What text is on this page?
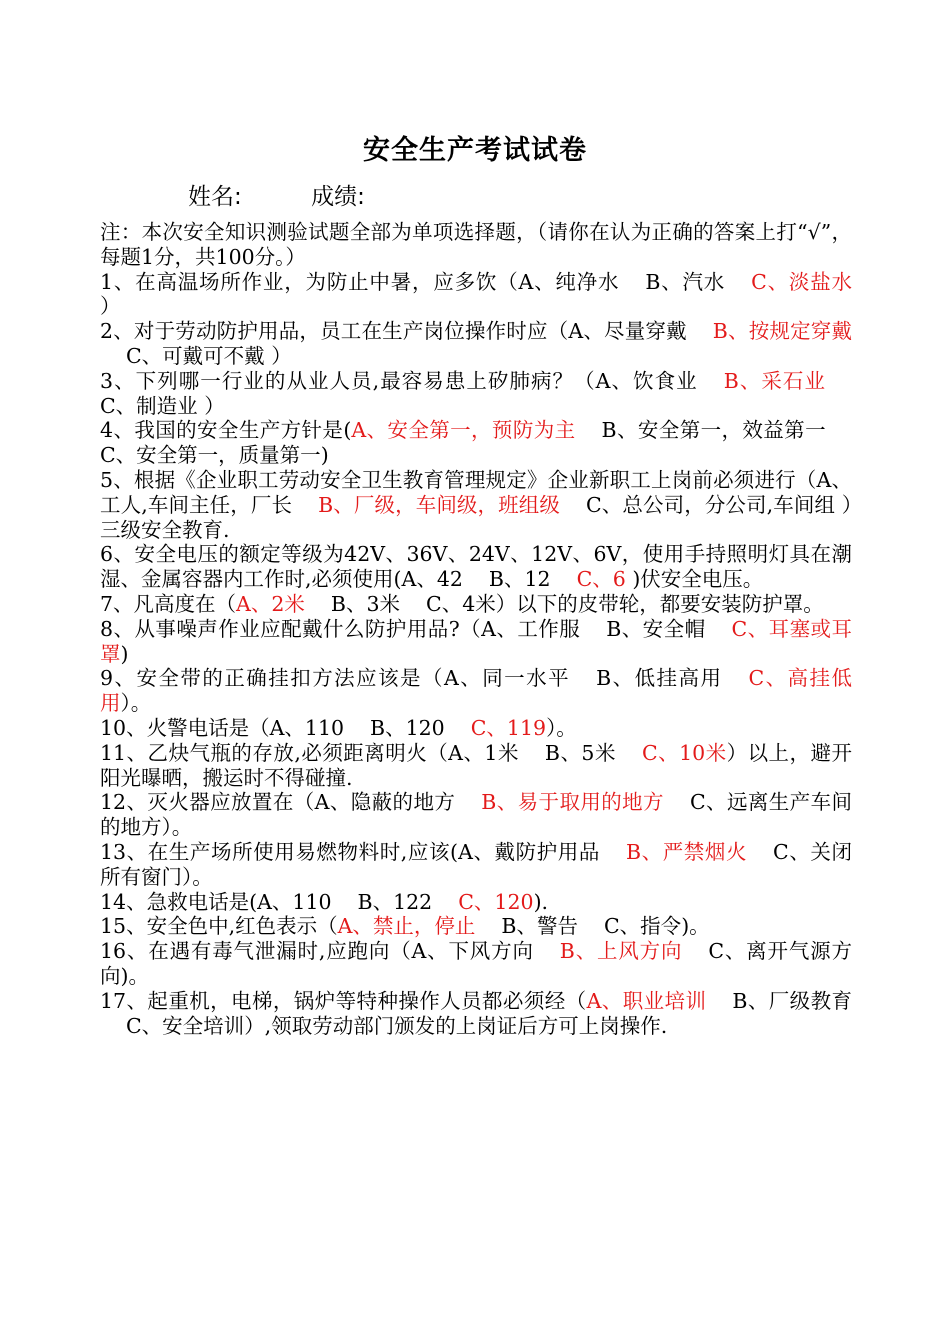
安全生产考试试卷
姓名:	成绩:

注：本次安全知识测验试题全部为单项选择题，（请你在认为正确的答案上打“√”，每题1分，共100分。）

1、在高温场所作业，为防止中暑，应多饮（A、纯净水 B、汽水 C、淡盐水 ）

2、对于劳动防护用品，员工在生产岗位操作时应（A、尽量穿戴 B、按规定穿戴C、可戴可不戴 ）

3、下列哪一行业的从业人员,最容易患上矽肺病？（A、饮食业 B、采石业C、制造业 ）

4、我国的安全生产方针是(A、安全第一，预防为主 B、安全第一，效益第一C、安全第一，质量第一)

5、根据《企业职工劳动安全卫生教育管理规定》企业新职工上岗前必须进行（A、工人,车间主任，厂长 B、厂级，车间级，班组级 C、总公司，分公司,车间组 ）三级安全教育.

6、安全电压的额定等级为42V、36V、24V、12V、6V，使用手持照明灯具在潮湿、金属容器内工作时,必须使用(A、42 B、12 C、6 )伏安全电压。

7、凡高度在（A、2米 B、3米 C、4米）以下的皮带轮，都要安装防护罩。

8、从事噪声作业应配戴什么防护用品?（A、工作服 B、安全帽 C、耳塞或耳罩)

9、安全带的正确挂扣方法应该是（A、同一水平 B、低挂高用 C、高挂低用）。

10、火警电话是（A、110 B、120 C、119）。

11、乙炔气瓶的存放,必须距离明火（A、1米 B、5米 C、10米）以上，避开阳光曝晒，搬运时不得碰撞.

12、灭火器应放置在（A、隐蔽的地方 B、易于取用的地方 C、远离生产车间的地方）。

13、在生产场所使用易燃物料时,应该(A、戴防护用品 B、严禁烟火 C、关闭所有窗门）。

14、急救电话是(A、110 B、122 C、120).

15、安全色中,红色表示（A、禁止，停止 B、警告 C、指令)。

16、在遇有毒气泄漏时,应跑向（A、下风方向 B、上风方向 C、离开气源方向)。

17、起重机，电梯，锅炉等特种操作人员都必须经（A、职业培训 B、厂级教育C、安全培训）,领取劳动部门颁发的上岗证后方可上岗操作.
